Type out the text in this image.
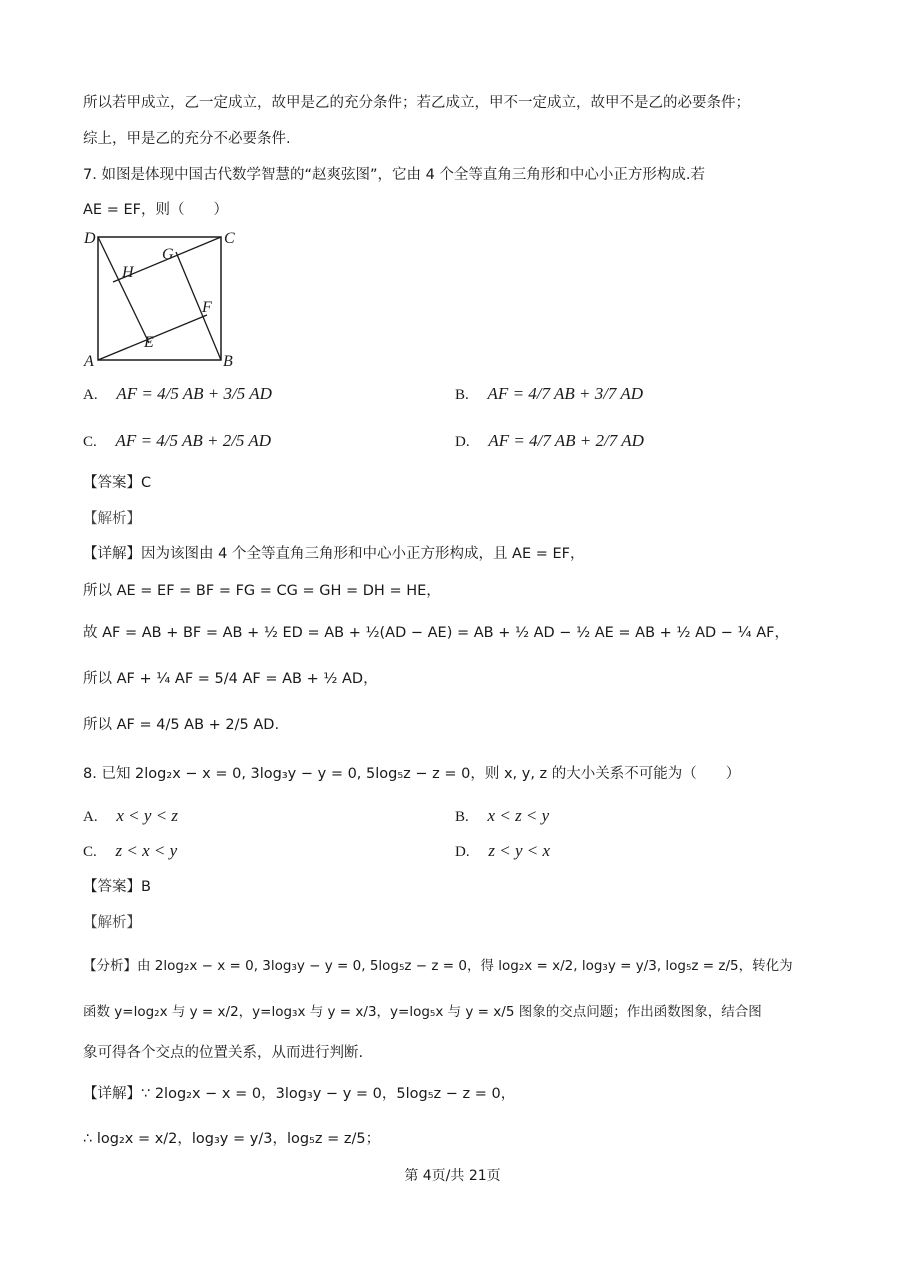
所以若甲成立，乙一定成立，故甲是乙的充分条件；若乙成立，甲不一定成立，故甲不是乙的必要条件；
综上，甲是乙的充分不必要条件.
7. 如图是体现中国古代数学智慧的“赵爽弦图”，它由 4 个全等直角三角形和中心小正方形构成.若
AE = EF，则（　　）
D	C
G
H
F
E
A	B
A. AF = 4/5 AB + 3/5 AD	B. AF = 4/7 AB + 3/7 AD
C. AF = 4/5 AB + 2/5 AD	D. AF = 4/7 AB + 2/7 AD
【答案】C
【解析】
【详解】因为该图由 4 个全等直角三角形和中心小正方形构成，且 AE = EF，
所以 AE = EF = BF = FG = CG = GH = DH = HE，
故 AF = AB + BF = AB + ½ ED = AB + ½(AD − AE) = AB + ½ AD − ½ AE = AB + ½ AD − ¼ AF，
所以 AF + ¼ AF = 5/4 AF = AB + ½ AD，
所以 AF = 4/5 AB + 2/5 AD.
8. 已知 2log₂x − x = 0, 3log₃y − y = 0, 5log₅z − z = 0，则 x, y, z 的大小关系不可能为（　　）
A. x < y < z	B. x < z < y
C. z < x < y	D. z < y < x
【答案】B
【解析】
【分析】由 2log₂x − x = 0, 3log₃y − y = 0, 5log₅z − z = 0，得 log₂x = x/2, log₃y = y/3, log₅z = z/5，转化为
函数 y=log₂x 与 y = x/2，y=log₃x 与 y = x/3，y=log₅x 与 y = x/5 图象的交点问题；作出函数图象，结合图
象可得各个交点的位置关系，从而进行判断.
【详解】∵ 2log₂x − x = 0，3log₃y − y = 0，5log₅z − z = 0，
∴ log₂x = x/2，log₃y = y/3，log₅z = z/5；
第 4页/共 21页
